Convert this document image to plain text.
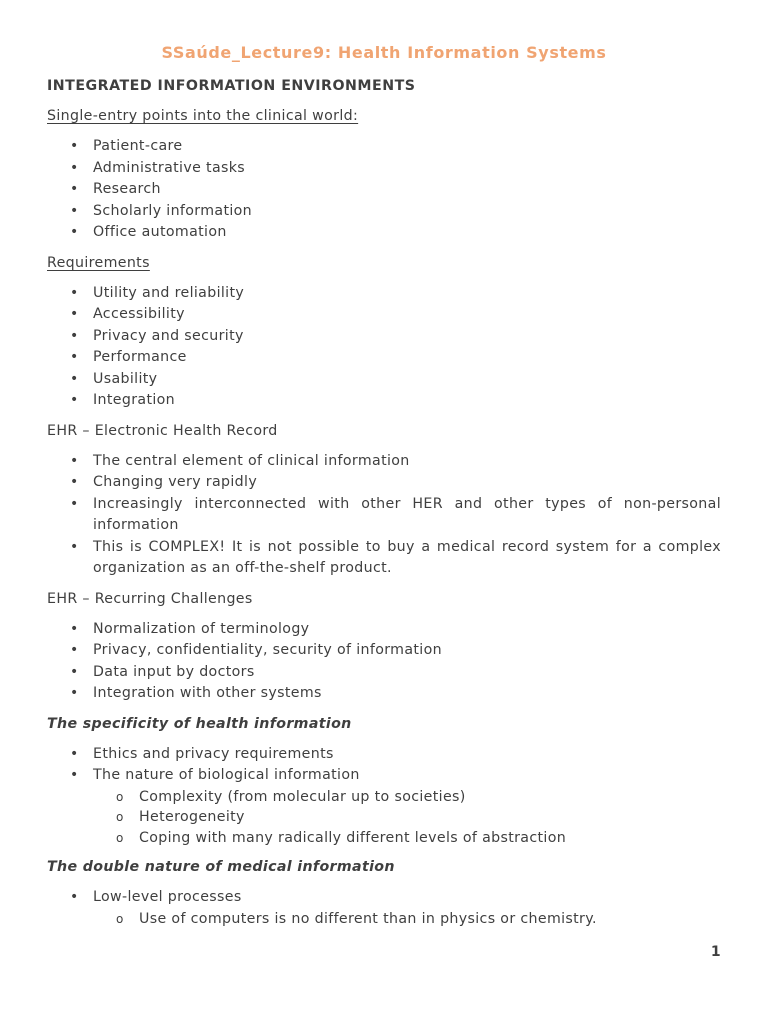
SSaúde_Lecture9: Health Information Systems
INTEGRATED INFORMATION ENVIRONMENTS
Single-entry points into the clinical world:
• Patient-care
• Administrative tasks
• Research
• Scholarly information
• Office automation
Requirements
• Utility and reliability
• Accessibility
• Privacy and security
• Performance
• Usability
• Integration
EHR – Electronic Health Record
• The central element of clinical information
• Changing very rapidly
• Increasingly interconnected with other HER and other types of non-personal information
• This is COMPLEX! It is not possible to buy a medical record system for a complex organization as an off-the-shelf product.
EHR – Recurring Challenges
• Normalization of terminology
• Privacy, confidentiality, security of information
• Data input by doctors
• Integration with other systems
The specificity of health information
• Ethics and privacy requirements
• The nature of biological information
o Complexity (from molecular up to societies)
o Heterogeneity
o Coping with many radically different levels of abstraction
The double nature of medical information
• Low-level processes
o Use of computers is no different than in physics or chemistry.
1
